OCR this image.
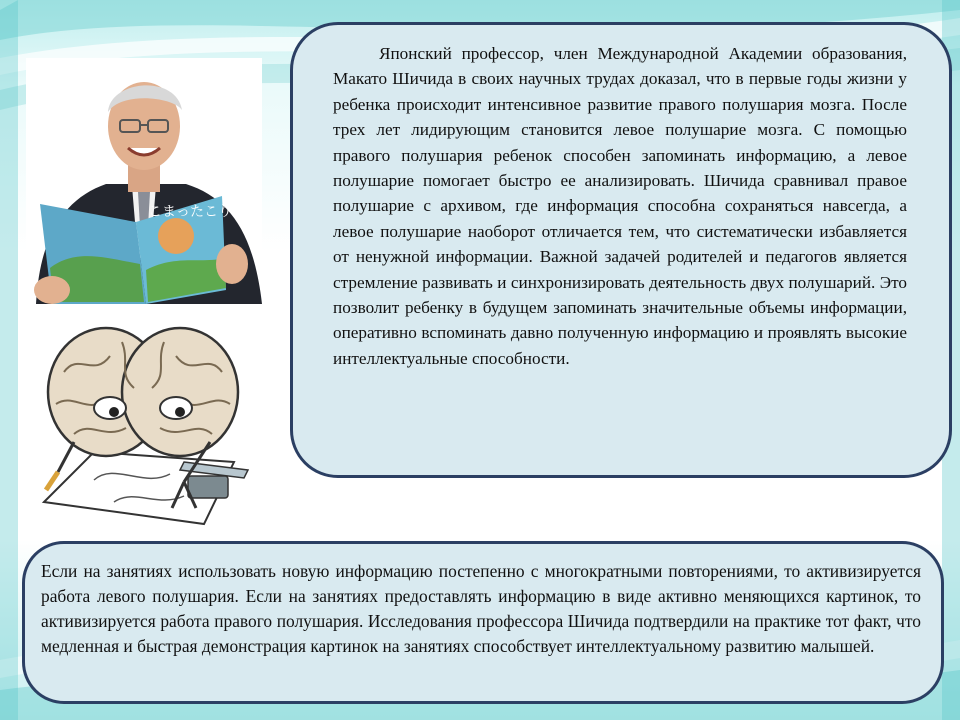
こまったこりす

Японский профессор, член Международной Академии образования, Макато Шичида в своих научных трудах доказал, что в первые годы жизни у ребенка происходит интенсивное развитие правого полушария мозга. После трех лет лидирующим становится левое полушарие мозга. С помощью правого полушария ребенок способен запоминать информацию, а левое полушарие помогает быстро ее анализировать. Шичида сравнивал правое полушарие с архивом, где информация способна сохраняться навсегда, а левое полушарие наоборот отличается тем, что систематически избавляется от ненужной информации. Важной задачей родителей и педагогов является стремление развивать и синхронизировать деятельность двух полушарий. Это позволит ребенку в будущем запоминать значительные объемы информации, оперативно вспоминать давно полученную информацию и проявлять высокие интеллектуальные способности.

Если на занятиях использовать новую информацию постепенно с многократными повторениями, то активизируется работа левого полушария. Если на занятиях предоставлять информацию в виде активно меняющихся картинок, то активизируется работа правого полушария. Исследования профессора Шичида подтвердили на практике тот факт, что медленная и быстрая демонстрация картинок на занятиях способствует интеллектуальному развитию малышей.
